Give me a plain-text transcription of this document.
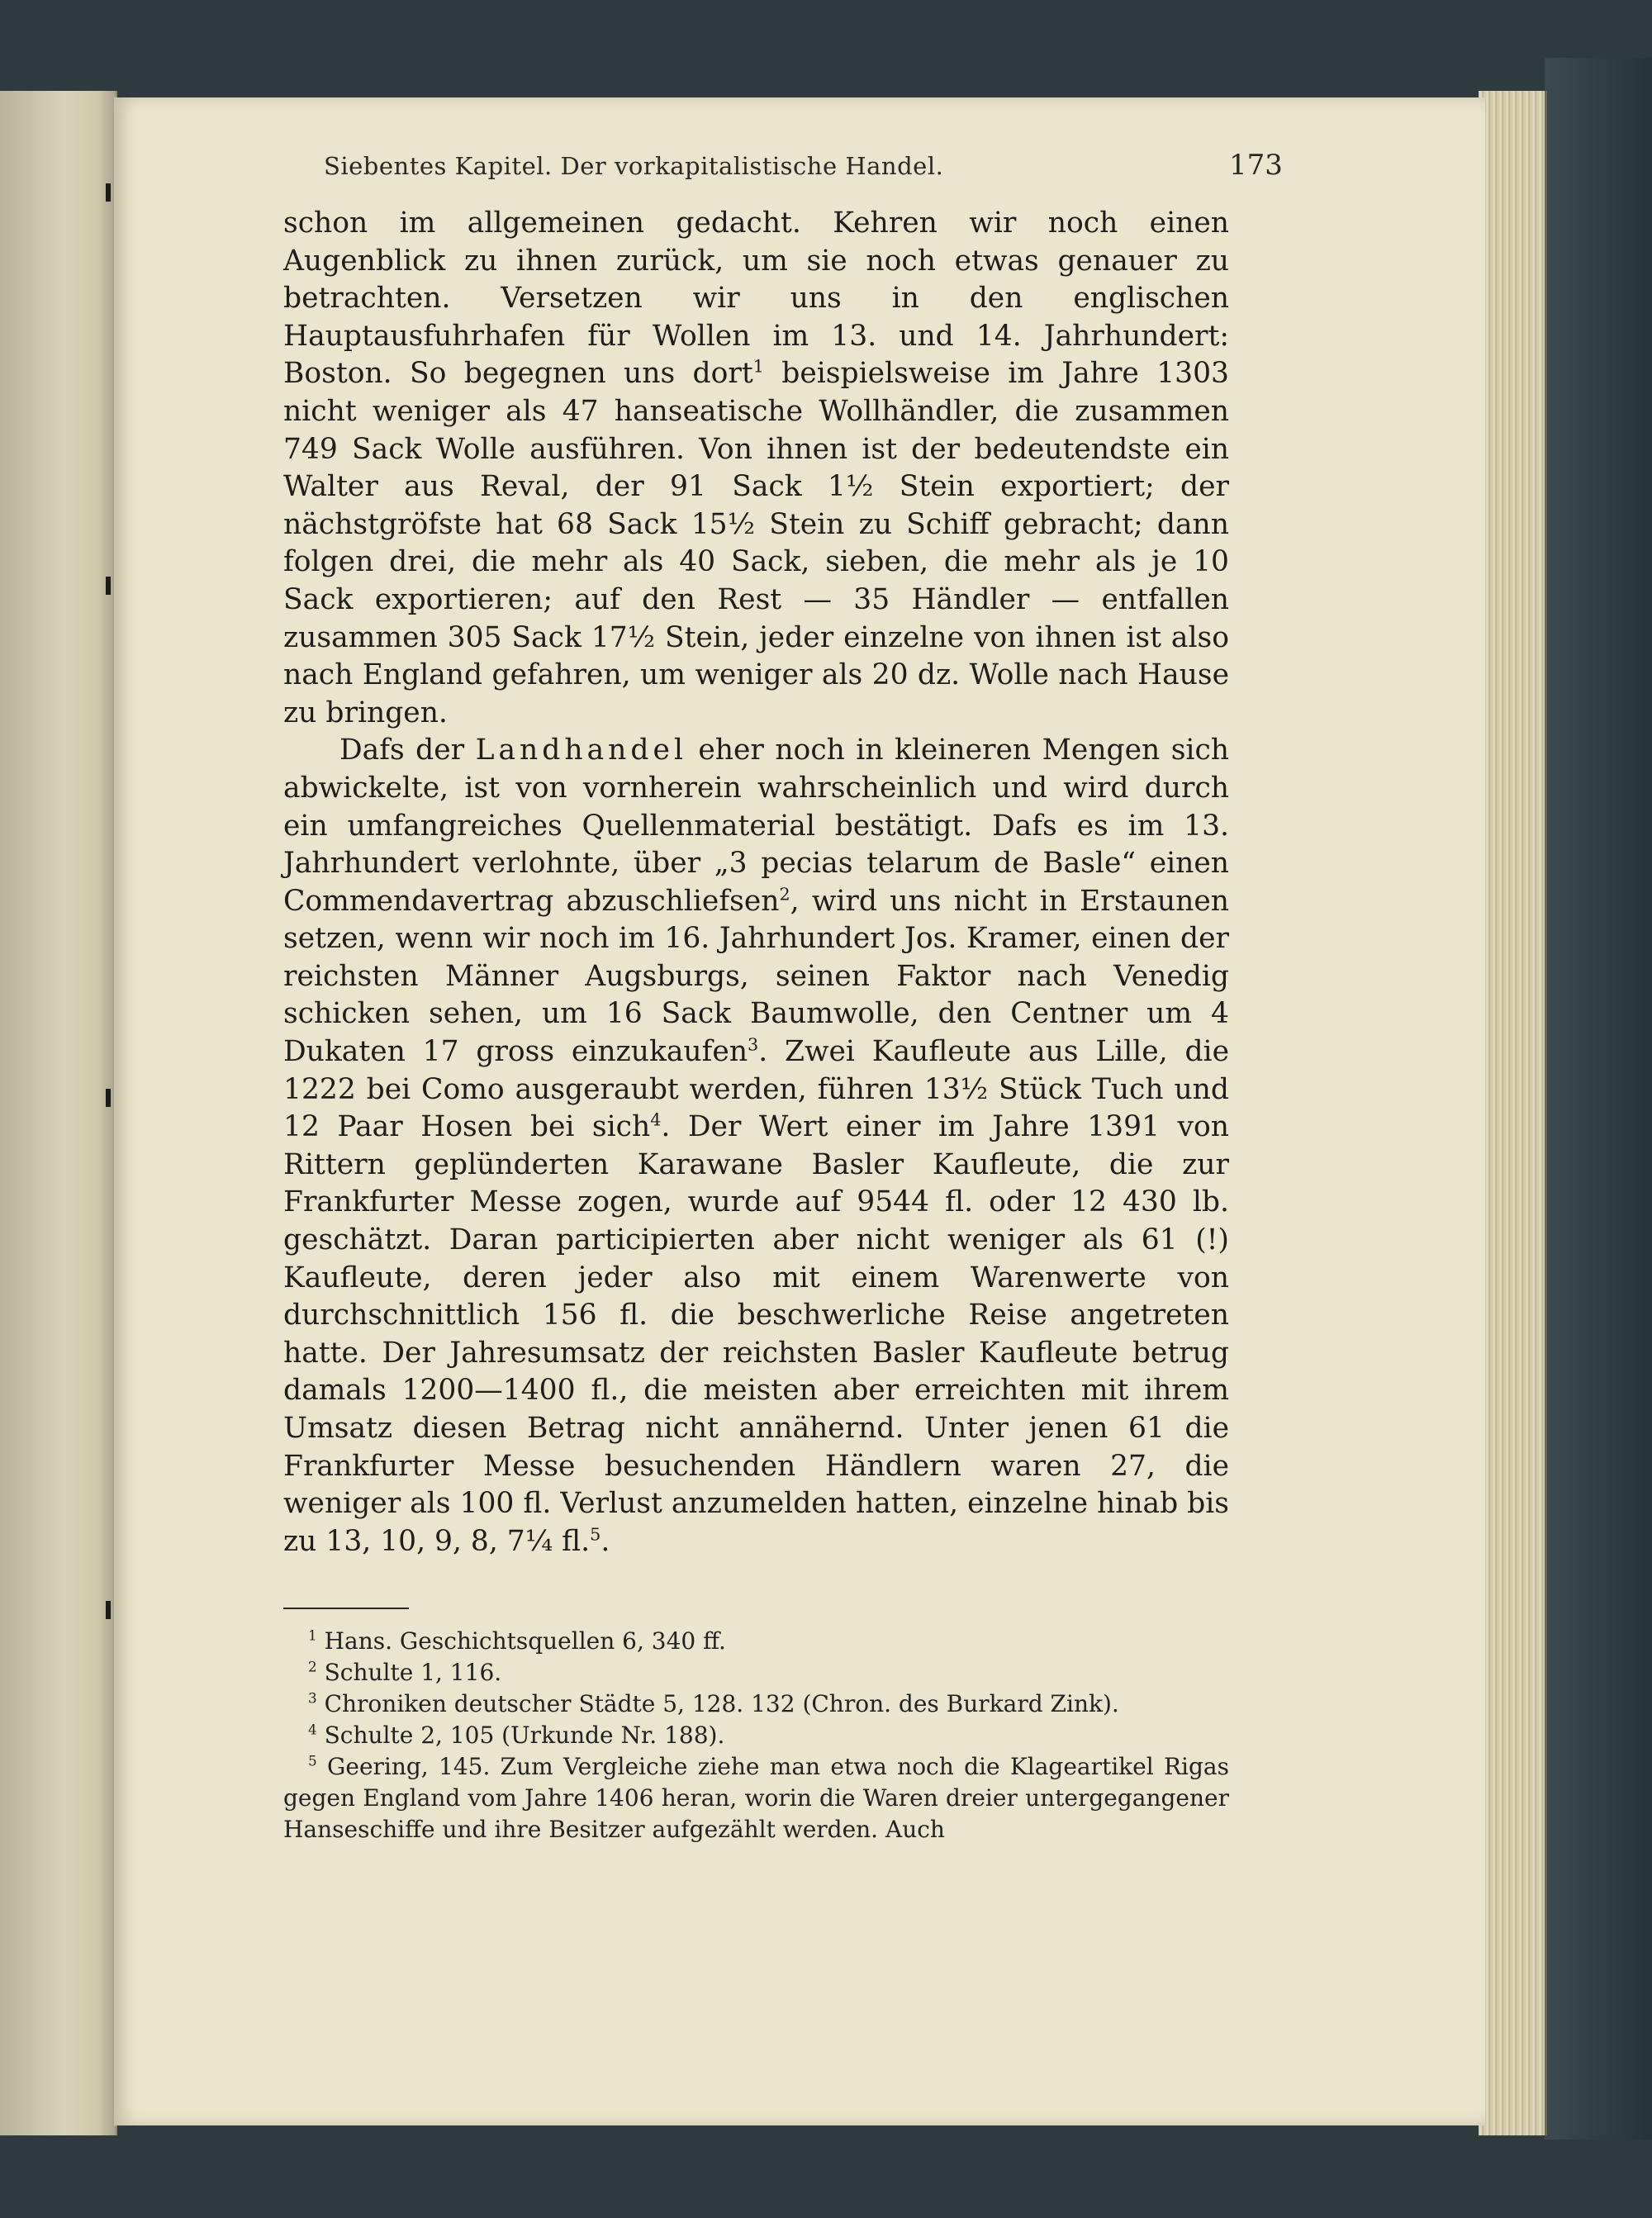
Siebentes Kapitel. Der vorkapitalistische Handel.	173

schon im allgemeinen gedacht. Kehren wir noch einen Augenblick zu ihnen zurück, um sie noch etwas genauer zu betrachten. Versetzen wir uns in den englischen Hauptausfuhrhafen für Wollen im 13. und 14. Jahrhundert: Boston. So begegnen uns dort$^1$ beispielsweise im Jahre 1303 nicht weniger als 47 hanseatische Wollhändler, die zusammen 749 Sack Wolle ausführen. Von ihnen ist der bedeutendste ein Walter aus Reval, der 91 Sack 1½ Stein exportiert; der nächstgröfste hat 68 Sack 15½ Stein zu Schiff gebracht; dann folgen drei, die mehr als 40 Sack, sieben, die mehr als je 10 Sack exportieren; auf den Rest — 35 Händler — entfallen zusammen 305 Sack 17½ Stein, jeder einzelne von ihnen ist also nach England gefahren, um weniger als 20 dz. Wolle nach Hause zu bringen.

Dafs der Landhandel eher noch in kleineren Mengen sich abwickelte, ist von vornherein wahrscheinlich und wird durch ein umfangreiches Quellenmaterial bestätigt. Dafs es im 13. Jahrhundert verlohnte, über „3 pecias telarum de Basle“ einen Commendavertrag abzuschliefsen$^2$, wird uns nicht in Erstaunen setzen, wenn wir noch im 16. Jahrhundert Jos. Kramer, einen der reichsten Männer Augsburgs, seinen Faktor nach Venedig schicken sehen, um 16 Sack Baumwolle, den Centner um 4 Dukaten 17 gross einzukaufen$^3$. Zwei Kaufleute aus Lille, die 1222 bei Como ausgeraubt werden, führen 13½ Stück Tuch und 12 Paar Hosen bei sich$^4$. Der Wert einer im Jahre 1391 von Rittern geplünderten Karawane Basler Kaufleute, die zur Frankfurter Messe zogen, wurde auf 9544 fl. oder 12 430 lb. geschätzt. Daran participierten aber nicht weniger als 61 (!) Kaufleute, deren jeder also mit einem Warenwerte von durchschnittlich 156 fl. die beschwerliche Reise angetreten hatte. Der Jahresumsatz der reichsten Basler Kaufleute betrug damals 1200—1400 fl., die meisten aber erreichten mit ihrem Umsatz diesen Betrag nicht annähernd. Unter jenen 61 die Frankfurter Messe besuchenden Händlern waren 27, die weniger als 100 fl. Verlust anzumelden hatten, einzelne hinab bis zu 13, 10, 9, 8, 7¼ fl.$^5$.

$^1$ Hans. Geschichtsquellen 6, 340 ff.

$^2$ Schulte 1, 116.

$^3$ Chroniken deutscher Städte 5, 128. 132 (Chron. des Burkard Zink).

$^4$ Schulte 2, 105 (Urkunde Nr. 188).

$^5$ Geering, 145. Zum Vergleiche ziehe man etwa noch die Klageartikel Rigas gegen England vom Jahre 1406 heran, worin die Waren dreier untergegangener Hanseschiffe und ihre Besitzer aufgezählt werden. Auch
